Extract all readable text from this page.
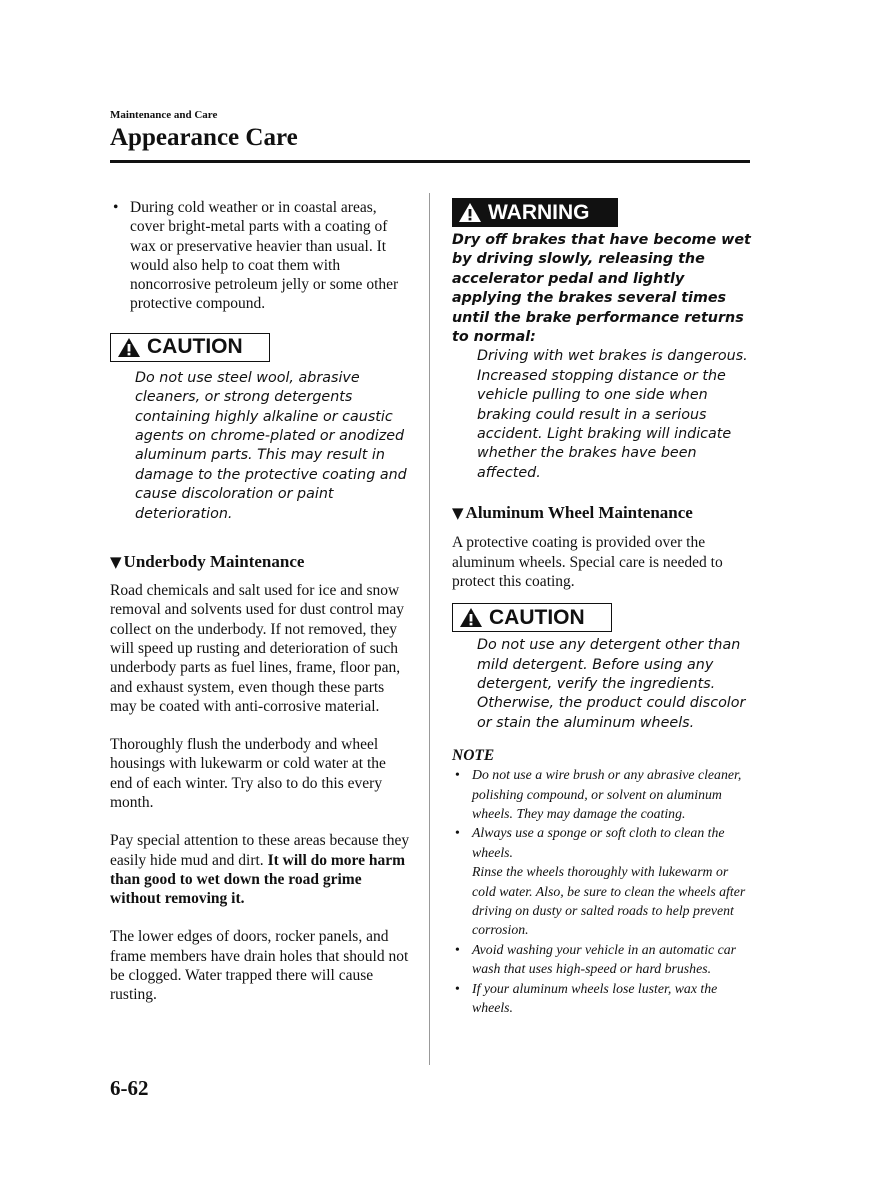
Maintenance and Care
Appearance Care
• During cold weather or in coastal areas, cover bright-metal parts with a coating of wax or preservative heavier than usual. It would also help to coat them with noncorrosive petroleum jelly or some other protective compound.
CAUTION

Do not use steel wool, abrasive cleaners, or strong detergents containing highly alkaline or caustic agents on chrome-plated or anodized aluminum parts. This may result in damage to the protective coating and cause discoloration or paint deterioration.

▼ Underbody Maintenance

Road chemicals and salt used for ice and snow removal and solvents used for dust control may collect on the underbody. If not removed, they will speed up rusting and deterioration of such underbody parts as fuel lines, frame, floor pan, and exhaust system, even though these parts may be coated with anti-corrosive material.

Thoroughly flush the underbody and wheel housings with lukewarm or cold water at the end of each winter. Try also to do this every month.

Pay special attention to these areas because they easily hide mud and dirt. It will do more harm than good to wet down the road grime without removing it.

The lower edges of doors, rocker panels, and frame members have drain holes that should not be clogged. Water trapped there will cause rusting.

WARNING

Dry off brakes that have become wet by driving slowly, releasing the accelerator pedal and lightly applying the brakes several times until the brake performance returns to normal:

Driving with wet brakes is dangerous. Increased stopping distance or the vehicle pulling to one side when braking could result in a serious accident. Light braking will indicate whether the brakes have been affected.

▼ Aluminum Wheel Maintenance

A protective coating is provided over the aluminum wheels. Special care is needed to protect this coating.

CAUTION

Do not use any detergent other than mild detergent. Before using any detergent, verify the ingredients. Otherwise, the product could discolor or stain the aluminum wheels.

NOTE

• Do not use a wire brush or any abrasive cleaner, polishing compound, or solvent on aluminum wheels. They may damage the coating.
• Always use a sponge or soft cloth to clean the wheels.
Rinse the wheels thoroughly with lukewarm or cold water. Also, be sure to clean the wheels after driving on dusty or salted roads to help prevent corrosion.
• Avoid washing your vehicle in an automatic car wash that uses high-speed or hard brushes.
• If your aluminum wheels lose luster, wax the wheels.
6-62
